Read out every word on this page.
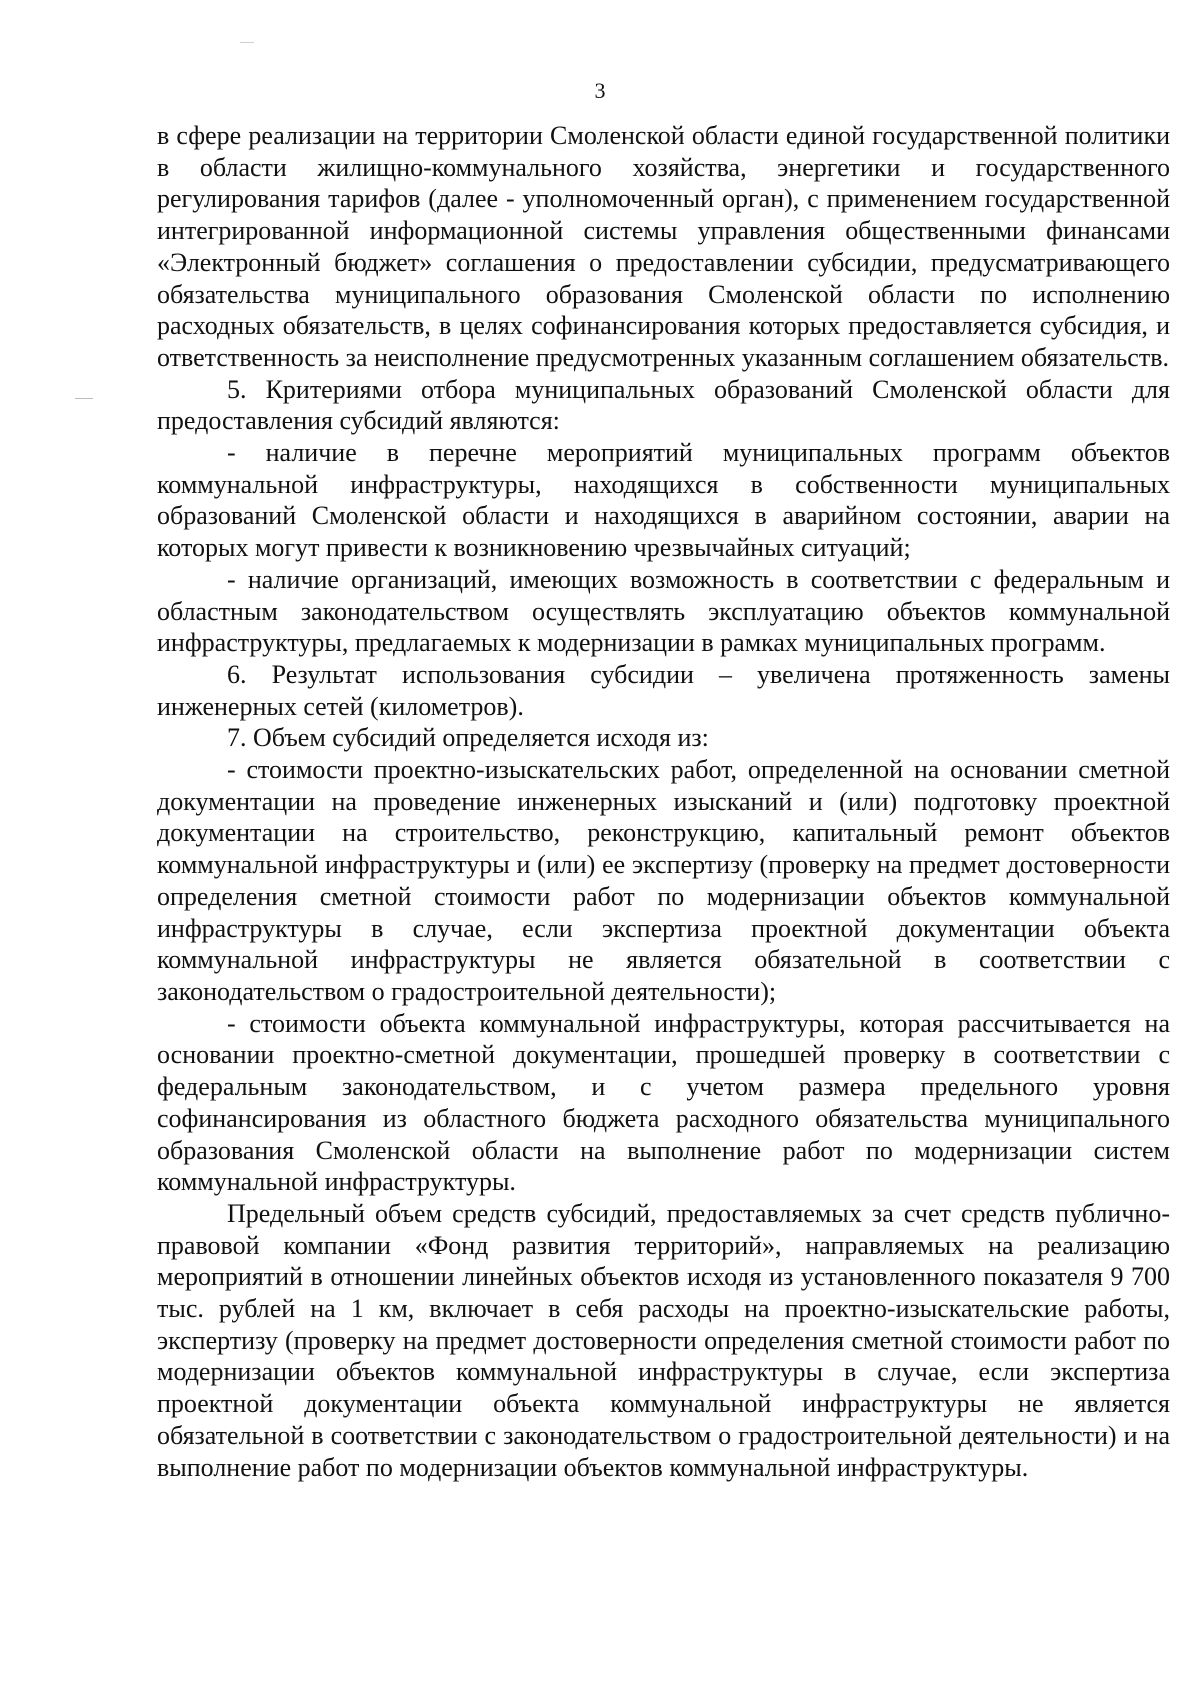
3

в сфере реализации на территории Смоленской области единой государственной политики в области жилищно-коммунального хозяйства, энергетики и государственного регулирования тарифов (далее - уполномоченный орган), с применением государственной интегрированной информационной системы управления общественными финансами «Электронный бюджет» соглашения о предоставлении субсидии, предусматривающего обязательства муниципального образования Смоленской области по исполнению расходных обязательств, в целях софинансирования которых предоставляется субсидия, и ответственность за неисполнение предусмотренных указанным соглашением обязательств.

5. Критериями отбора муниципальных образований Смоленской области для предоставления субсидий являются:

- наличие в перечне мероприятий муниципальных программ объектов коммунальной инфраструктуры, находящихся в собственности муниципальных образований Смоленской области и находящихся в аварийном состоянии, аварии на которых могут привести к возникновению чрезвычайных ситуаций;

- наличие организаций, имеющих возможность в соответствии с федеральным и областным законодательством осуществлять эксплуатацию объектов коммунальной инфраструктуры, предлагаемых к модернизации в рамках муниципальных программ.

6. Результат использования субсидии – увеличена протяженность замены инженерных сетей (километров).

7. Объем субсидий определяется исходя из:

- стоимости проектно-изыскательских работ, определенной на основании сметной документации на проведение инженерных изысканий и (или) подготовку проектной документации на строительство, реконструкцию, капитальный ремонт объектов коммунальной инфраструктуры и (или) ее экспертизу (проверку на предмет достоверности определения сметной стоимости работ по модернизации объектов коммунальной инфраструктуры в случае, если экспертиза проектной документации объекта коммунальной инфраструктуры не является обязательной в соответствии с законодательством о градостроительной деятельности);

- стоимости объекта коммунальной инфраструктуры, которая рассчитывается на основании проектно-сметной документации, прошедшей проверку в соответствии с федеральным законодательством, и с учетом размера предельного уровня софинансирования из областного бюджета расходного обязательства муниципального образования Смоленской области на выполнение работ по модернизации систем коммунальной инфраструктуры.

Предельный объем средств субсидий, предоставляемых за счет средств публично-правовой компании «Фонд развития территорий», направляемых на реализацию мероприятий в отношении линейных объектов исходя из установленного показателя 9 700 тыс. рублей на 1 км, включает в себя расходы на проектно-изыскательские работы, экспертизу (проверку на предмет достоверности определения сметной стоимости работ по модернизации объектов коммунальной инфраструктуры в случае, если экспертиза проектной документации объекта коммунальной инфраструктуры не является обязательной в соответствии с законодательством о градостроительной деятельности) и на выполнение работ по модернизации объектов коммунальной инфраструктуры.
